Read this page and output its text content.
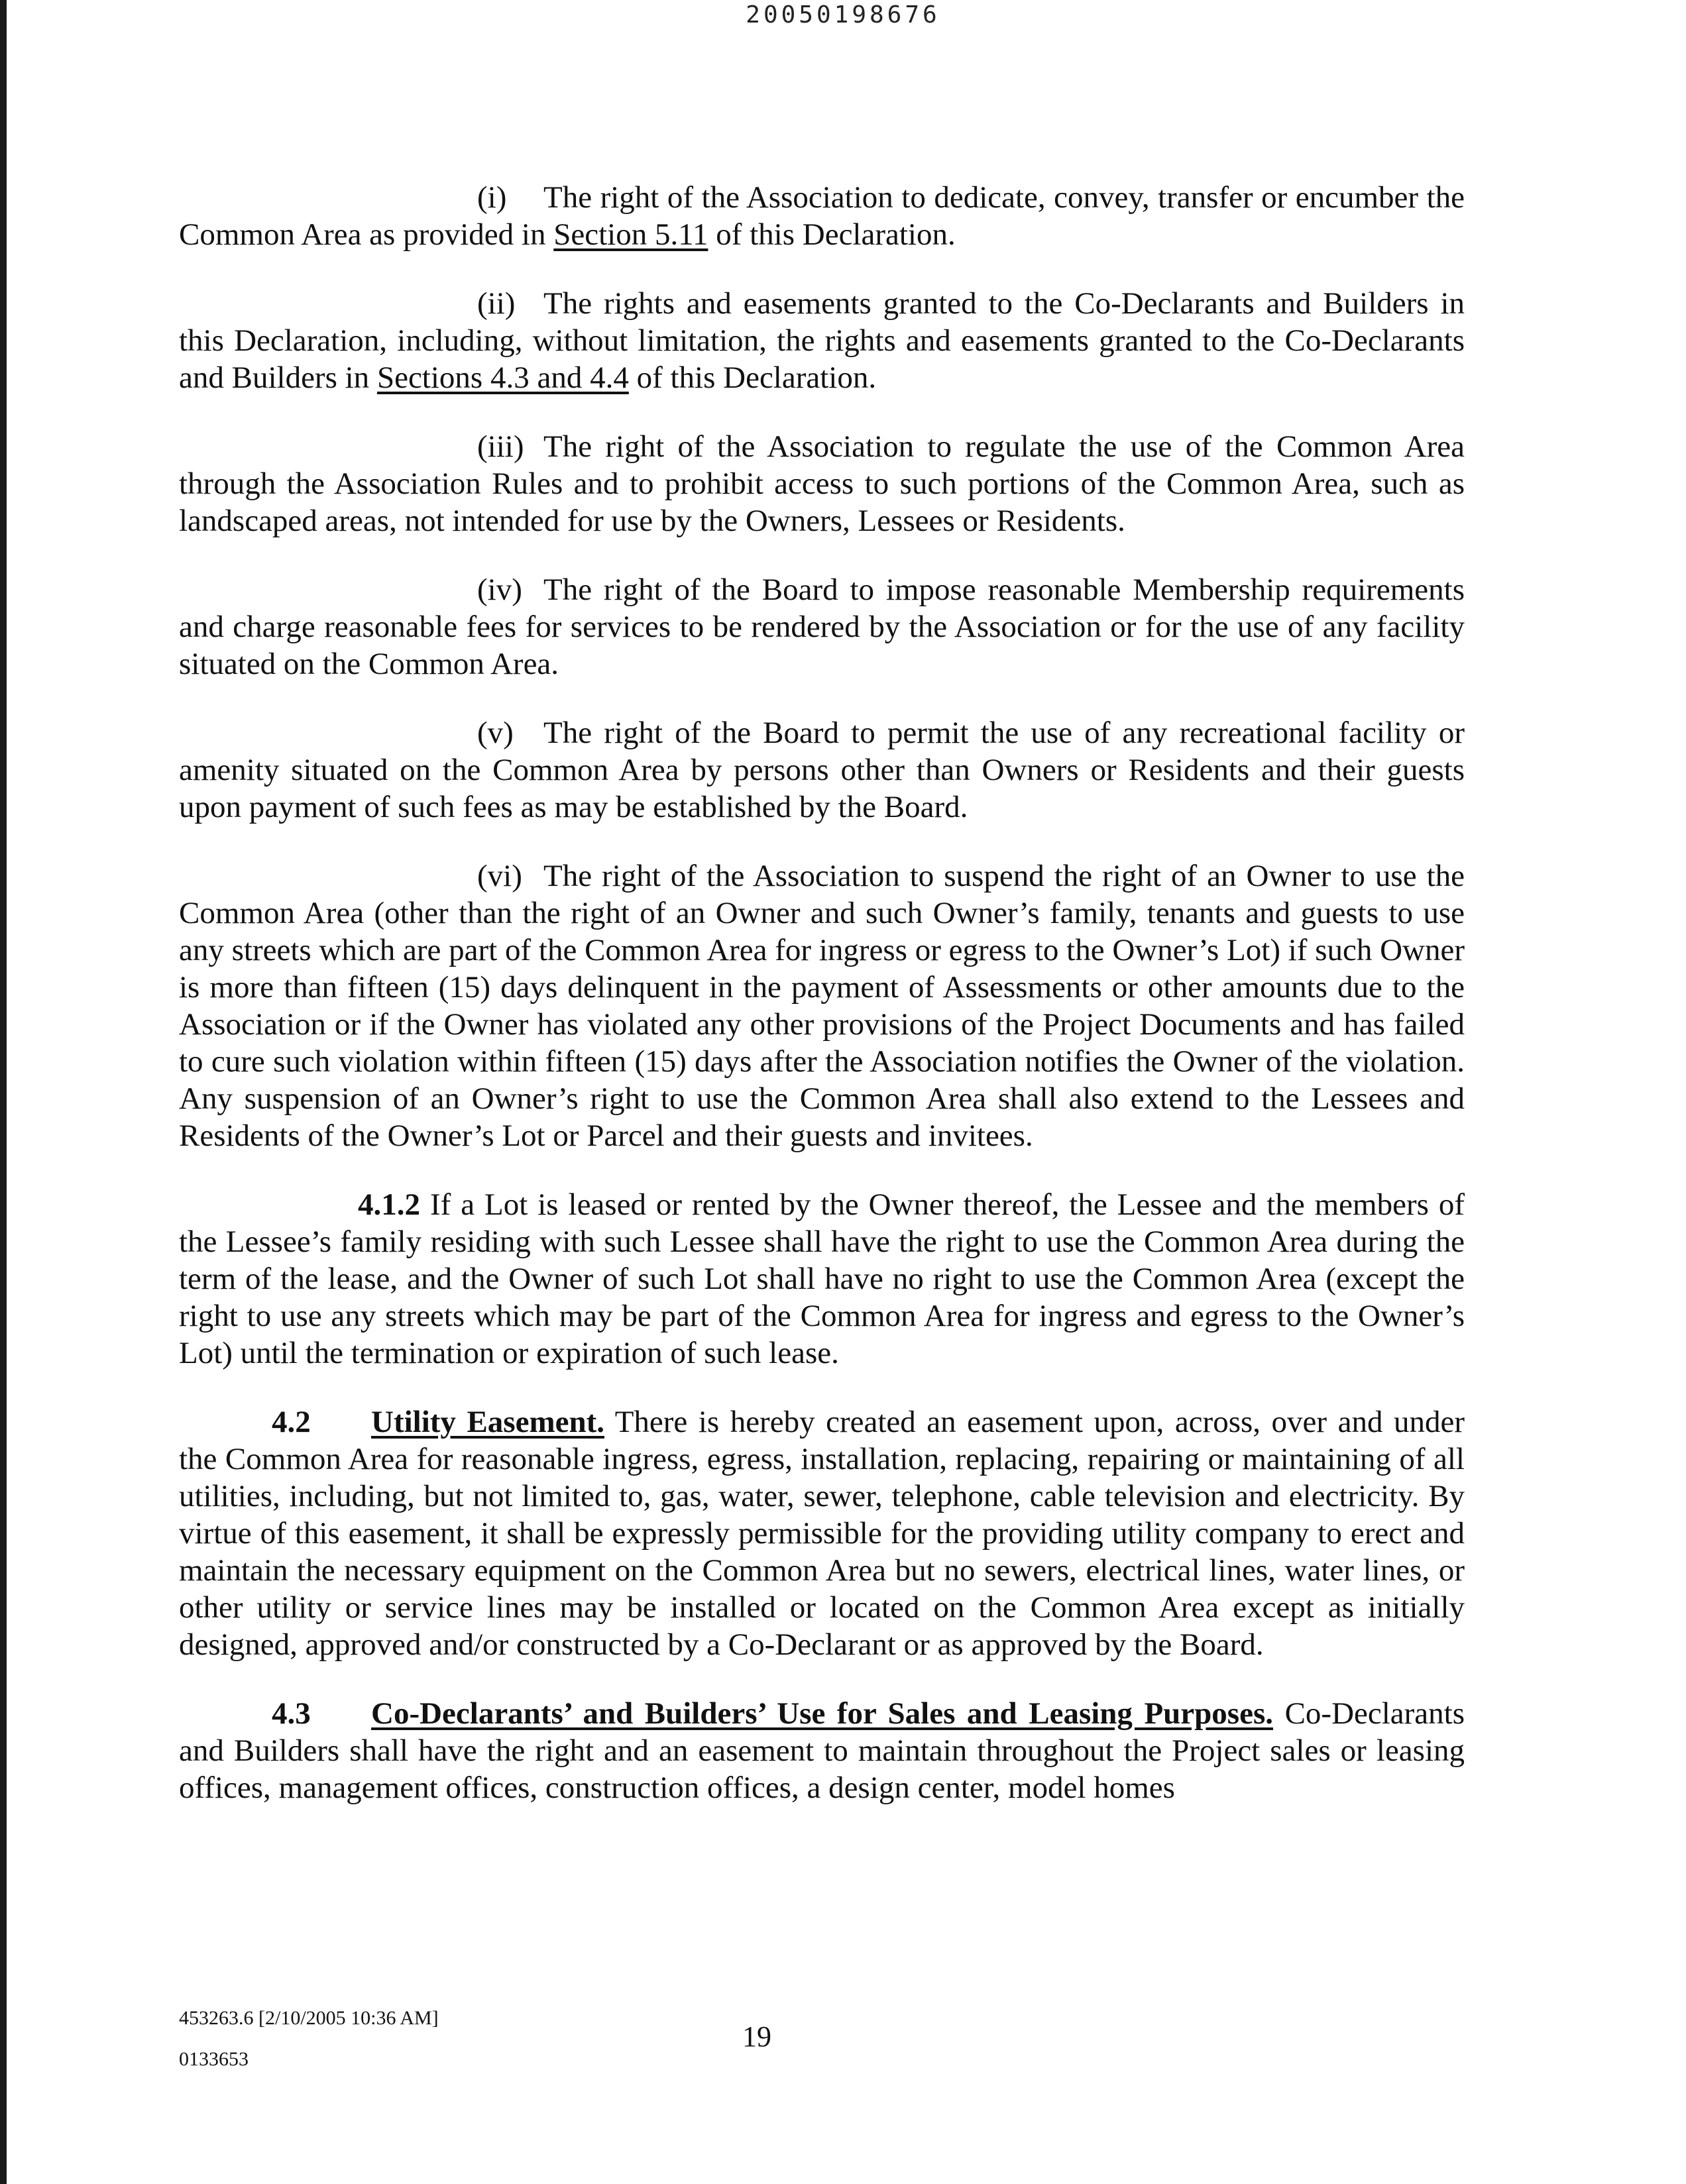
20050198676

(i) The right of the Association to dedicate, convey, transfer or encumber the Common Area as provided in Section 5.11 of this Declaration.

(ii) The rights and easements granted to the Co-Declarants and Builders in this Declaration, including, without limitation, the rights and easements granted to the Co-Declarants and Builders in Sections 4.3 and 4.4 of this Declaration.

(iii) The right of the Association to regulate the use of the Common Area through the Association Rules and to prohibit access to such portions of the Common Area, such as landscaped areas, not intended for use by the Owners, Lessees or Residents.

(iv) The right of the Board to impose reasonable Membership requirements and charge reasonable fees for services to be rendered by the Association or for the use of any facility situated on the Common Area.

(v) The right of the Board to permit the use of any recreational facility or amenity situated on the Common Area by persons other than Owners or Residents and their guests upon payment of such fees as may be established by the Board.

(vi) The right of the Association to suspend the right of an Owner to use the Common Area (other than the right of an Owner and such Owner’s family, tenants and guests to use any streets which are part of the Common Area for ingress or egress to the Owner’s Lot) if such Owner is more than fifteen (15) days delinquent in the payment of Assessments or other amounts due to the Association or if the Owner has violated any other provisions of the Project Documents and has failed to cure such violation within fifteen (15) days after the Association notifies the Owner of the violation. Any suspension of an Owner’s right to use the Common Area shall also extend to the Lessees and Residents of the Owner’s Lot or Parcel and their guests and invitees.

4.1.2 If a Lot is leased or rented by the Owner thereof, the Lessee and the members of the Lessee’s family residing with such Lessee shall have the right to use the Common Area during the term of the lease, and the Owner of such Lot shall have no right to use the Common Area (except the right to use any streets which may be part of the Common Area for ingress and egress to the Owner’s Lot) until the termination or expiration of such lease.

4.2 Utility Easement. There is hereby created an easement upon, across, over and under the Common Area for reasonable ingress, egress, installation, replacing, repairing or maintaining of all utilities, including, but not limited to, gas, water, sewer, telephone, cable television and electricity. By virtue of this easement, it shall be expressly permissible for the providing utility company to erect and maintain the necessary equipment on the Common Area but no sewers, electrical lines, water lines, or other utility or service lines may be installed or located on the Common Area except as initially designed, approved and/or constructed by a Co-Declarant or as approved by the Board.

4.3 Co-Declarants’ and Builders’ Use for Sales and Leasing Purposes. Co-Declarants and Builders shall have the right and an easement to maintain throughout the Project sales or leasing offices, management offices, construction offices, a design center, model homes

453263.6 [2/10/2005 10:36 AM]
0133653
19
